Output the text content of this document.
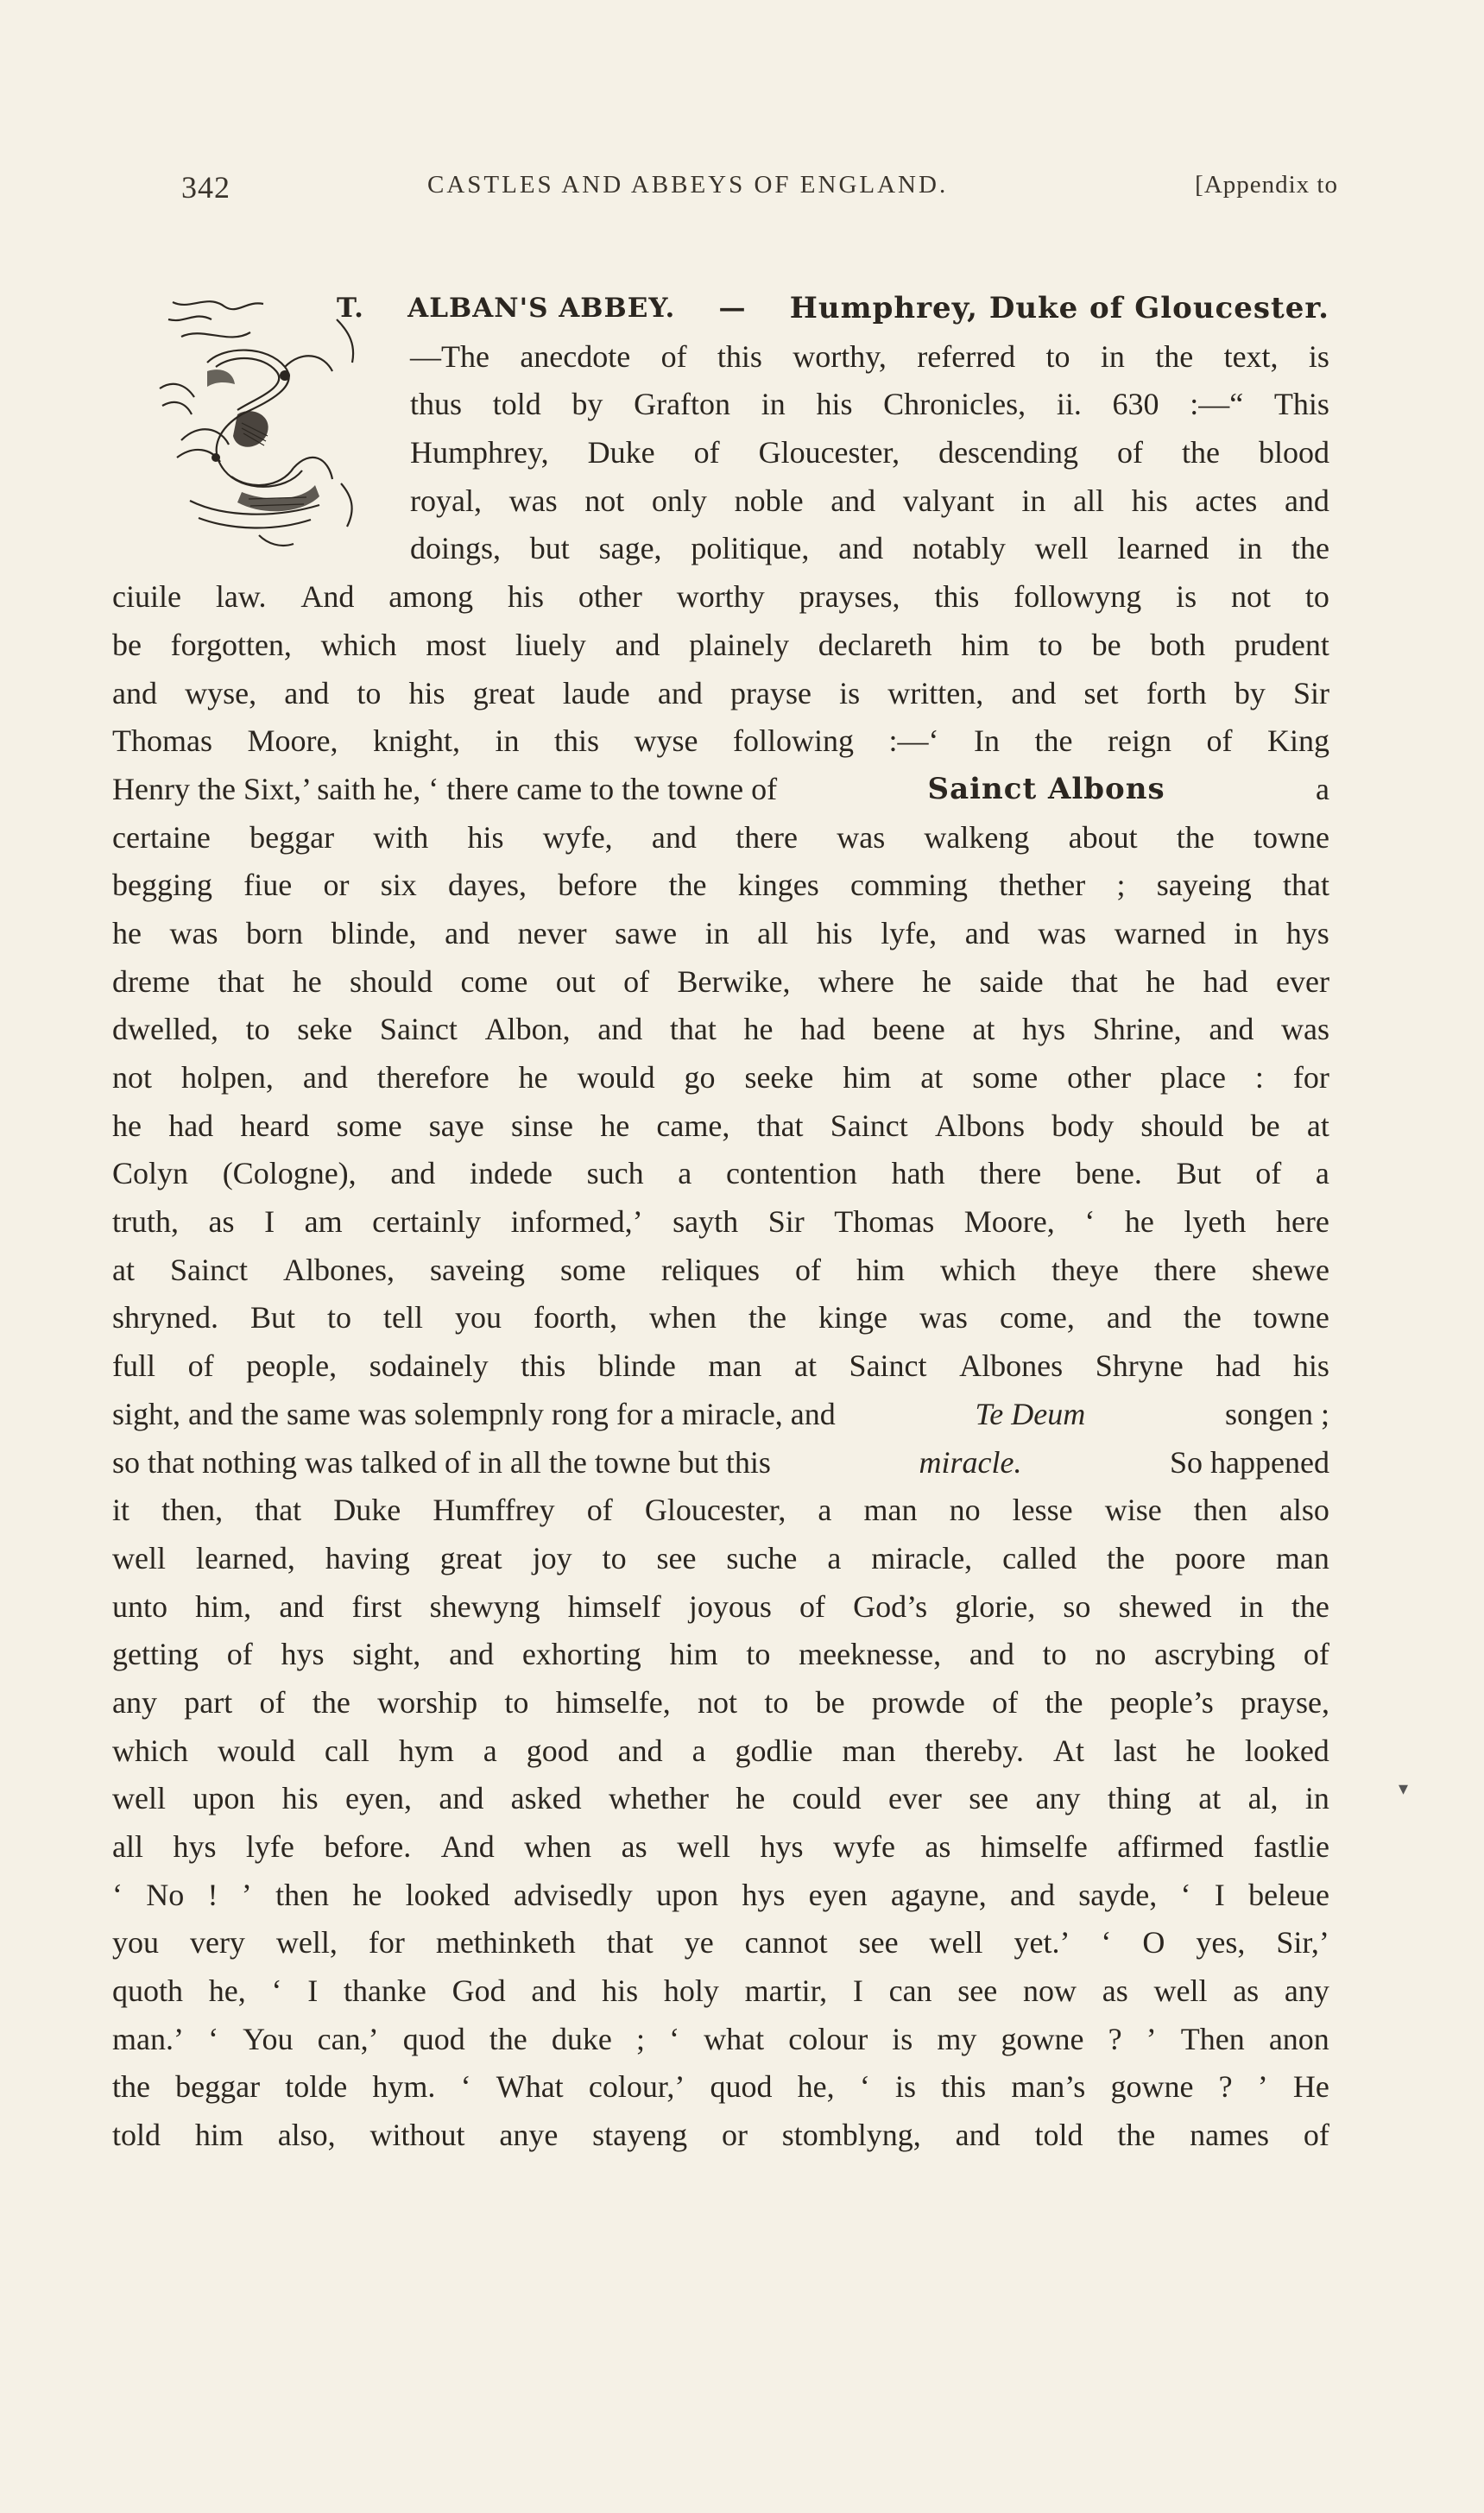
342	CASTLES AND ABBEYS OF ENGLAND.	[Appendix to
T. ALBAN'S ABBEY. — Humphrey, Duke of Gloucester.
—The anecdote of this worthy, referred to in the text, is
thus told by Grafton in his Chronicles, ii. 630 :—“ This
Humphrey, Duke of Gloucester, descending of the blood
royal, was not only noble and valyant in all his actes and
doings, but sage, politique, and notably well learned in the
ciuile law. And among his other worthy prayses, this followyng is not to
be forgotten, which most liuely and plainely declareth him to be both prudent
and wyse, and to his great laude and prayse is written, and set forth by Sir
Thomas Moore, knight, in this wyse following :—‘ In the reign of King
Henry the Sixt,’ saith he, ‘ there came to the towne of	Sainct Albons	a
certaine beggar with his wyfe, and there was walkeng about the towne
begging fiue or six dayes, before the kinges comming thether ; sayeing that
he was born blinde, and never sawe in all his lyfe, and was warned in hys
dreme that he should come out of Berwike, where he saide that he had ever
dwelled, to seke Sainct Albon, and that he had beene at hys Shrine, and was
not holpen, and therefore he would go seeke him at some other place : for
he had heard some saye sinse he came, that Sainct Albons body should be at
Colyn (Cologne), and indede such a contention hath there bene. But of a
truth, as I am certainly informed,’ sayth Sir Thomas Moore, ‘ he lyeth here
at Sainct Albones, saveing some reliques of him which theye there shewe
shryned. But to tell you foorth, when the kinge was come, and the towne
full of people, sodainely this blinde man at Sainct Albones Shryne had his
sight, and the same was solempnly rong for a miracle, and	Te Deum	songen ;
so that nothing was talked of in all the towne but this	miracle.	So happened
it then, that Duke Humffrey of Gloucester, a man no lesse wise then also
well learned, having great joy to see suche a miracle, called the poore man
unto him, and first shewyng himself joyous of God’s glorie, so shewed in the
getting of hys sight, and exhorting him to meeknesse, and to no ascrybing of
any part of the worship to himselfe, not to be prowde of the people’s prayse,
which would call hym a good and a godlie man thereby. At last he looked
well upon his eyen, and asked whether he could ever see any thing at al, in
all hys lyfe before. And when as well hys wyfe as himselfe affirmed fastlie
‘ No ! ’ then he looked advisedly upon hys eyen agayne, and sayde, ‘ I beleue
you very well, for methinketh that ye cannot see well yet.’ ‘ O yes, Sir,’
quoth he, ‘ I thanke God and his holy martir, I can see now as well as any
man.’ ‘ You can,’ quod the duke ; ‘ what colour is my gowne ? ’ Then anon
the beggar tolde hym. ‘ What colour,’ quod he, ‘ is this man’s gowne ? ’ He
told him also, without anye stayeng or stomblyng, and told the names of
▾
